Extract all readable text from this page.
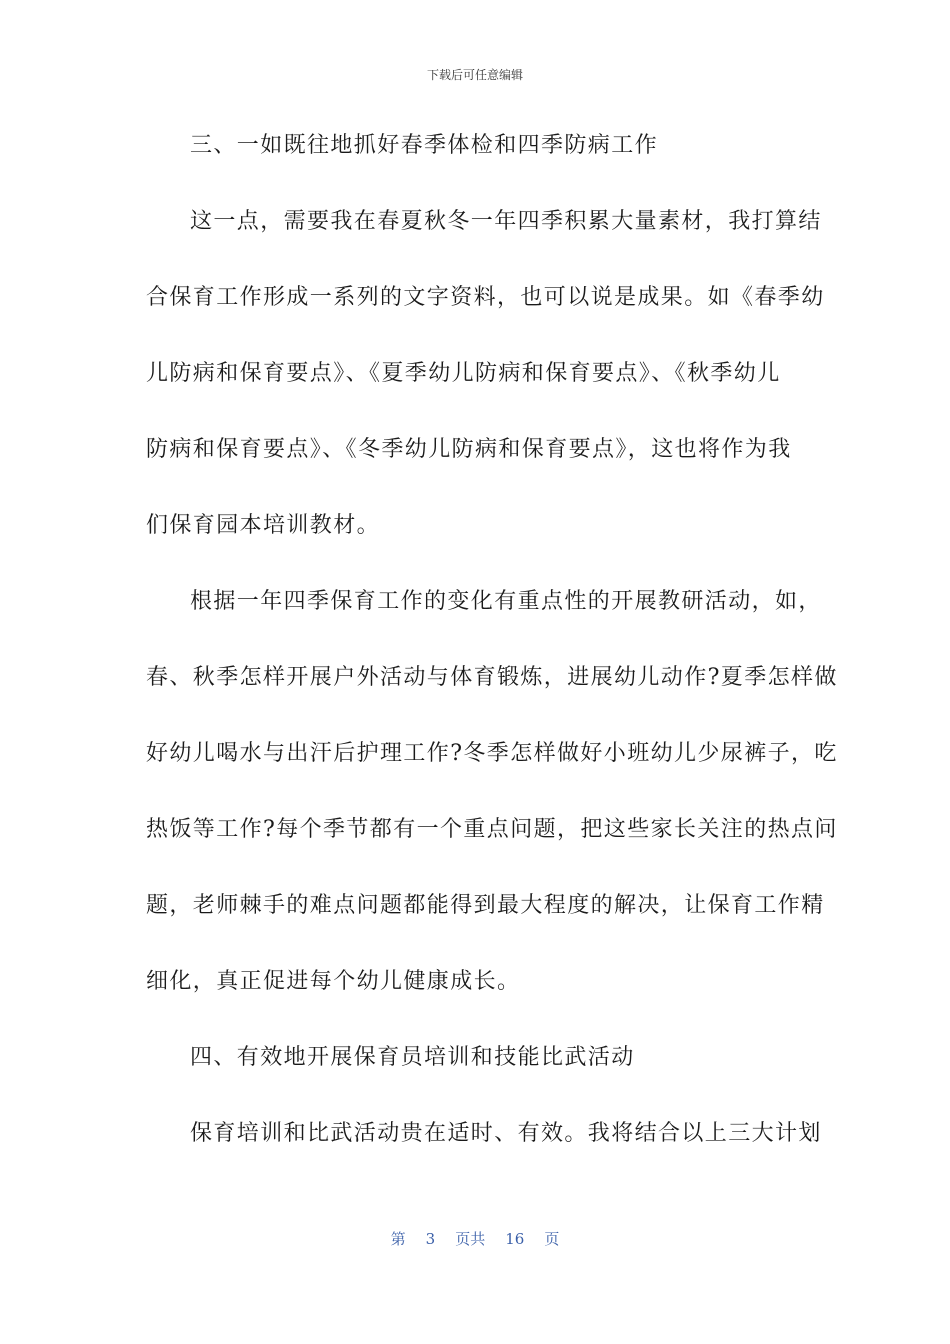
下载后可任意编辑
三、一如既往地抓好春季体检和四季防病工作
这一点，需要我在春夏秋冬一年四季积累大量素材，我打算结
合保育工作形成一系列的文字资料，也可以说是成果。如《春季幼
儿防病和保育要点》、《夏季幼儿防病和保育要点》、《秋季幼儿
防病和保育要点》、《冬季幼儿防病和保育要点》，这也将作为我
们保育园本培训教材。
根据一年四季保育工作的变化有重点性的开展教研活动，如，
春、秋季怎样开展户外活动与体育锻炼，进展幼儿动作?夏季怎样做
好幼儿喝水与出汗后护理工作?冬季怎样做好小班幼儿少尿裤子，吃
热饭等工作?每个季节都有一个重点问题，把这些家长关注的热点问
题，老师棘手的难点问题都能得到最大程度的解决，让保育工作精
细化，真正促进每个幼儿健康成长。
四、有效地开展保育员培训和技能比武活动
保育培训和比武活动贵在适时、有效。我将结合以上三大计划
第 3 页共 16 页
